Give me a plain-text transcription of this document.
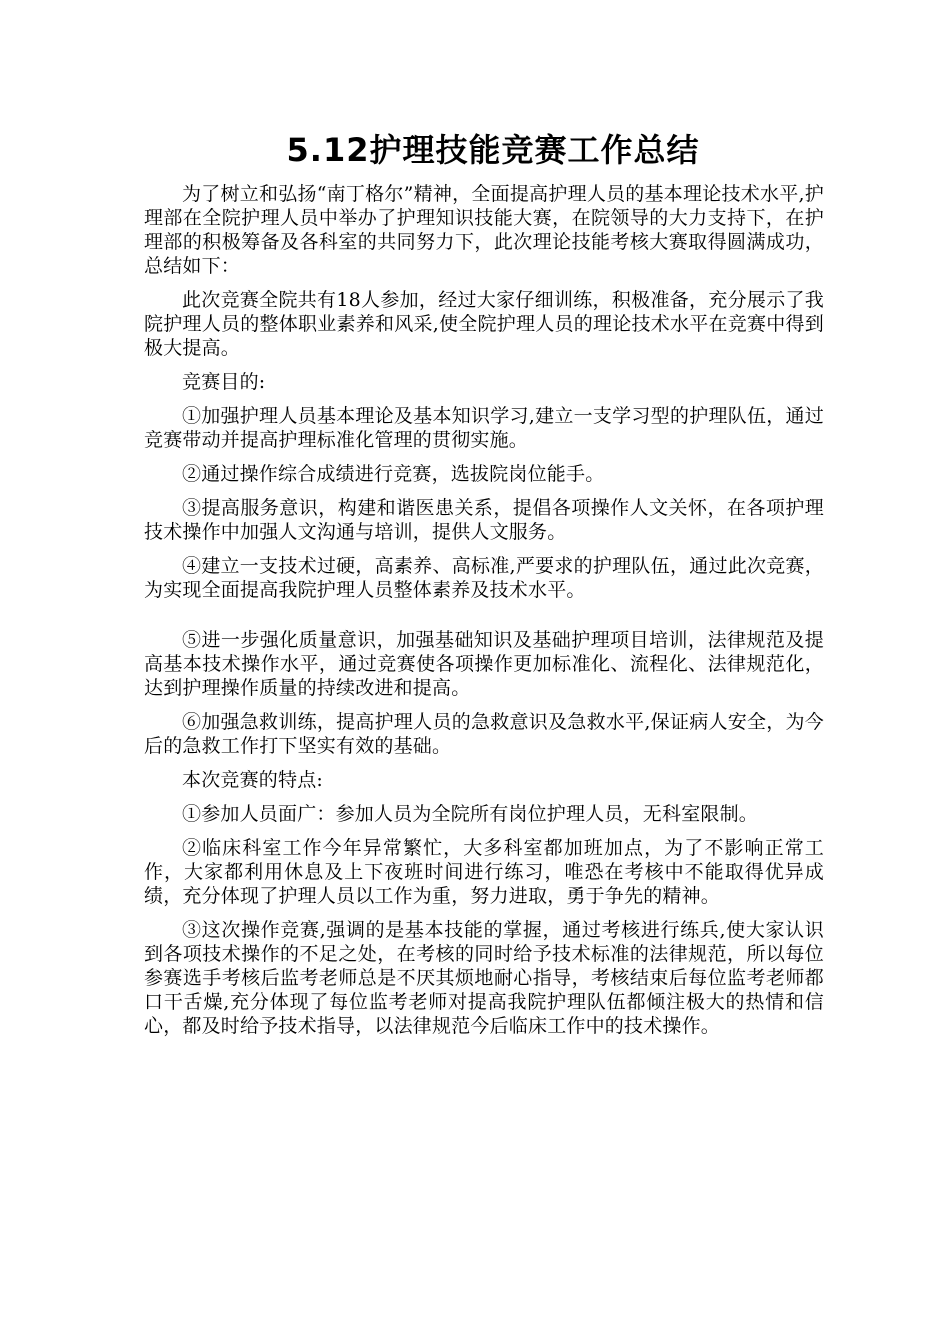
5.12护理技能竞赛工作总结

为了树立和弘扬“南丁格尔”精神，全面提高护理人员的基本理论技术水平,护理部在全院护理人员中举办了护理知识技能大赛，在院领导的大力支持下，在护理部的积极筹备及各科室的共同努力下，此次理论技能考核大赛取得圆满成功，总结如下：

此次竞赛全院共有18人参加，经过大家仔细训练，积极准备，充分展示了我院护理人员的整体职业素养和风采,使全院护理人员的理论技术水平在竞赛中得到极大提高。

竞赛目的:

①加强护理人员基本理论及基本知识学习,建立一支学习型的护理队伍，通过竞赛带动并提高护理标准化管理的贯彻实施。

②通过操作综合成绩进行竞赛，选拔院岗位能手。

③提高服务意识，构建和谐医患关系，提倡各项操作人文关怀，在各项护理技术操作中加强人文沟通与培训，提供人文服务。

④建立一支技术过硬，高素养、高标准,严要求的护理队伍，通过此次竞赛，为实现全面提高我院护理人员整体素养及技术水平。

⑤进一步强化质量意识，加强基础知识及基础护理项目培训，法律规范及提高基本技术操作水平，通过竞赛使各项操作更加标准化、流程化、法律规范化，达到护理操作质量的持续改进和提高。

⑥加强急救训练，提高护理人员的急救意识及急救水平,保证病人安全，为今后的急救工作打下坚实有效的基础。

本次竞赛的特点:

①参加人员面广：参加人员为全院所有岗位护理人员，无科室限制。

②临床科室工作今年异常繁忙，大多科室都加班加点，为了不影响正常工作，大家都利用休息及上下夜班时间进行练习，唯恐在考核中不能取得优异成绩，充分体现了护理人员以工作为重，努力进取，勇于争先的精神。

③这次操作竞赛,强调的是基本技能的掌握，通过考核进行练兵,使大家认识到各项技术操作的不足之处，在考核的同时给予技术标准的法律规范，所以每位参赛选手考核后监考老师总是不厌其烦地耐心指导，考核结束后每位监考老师都口干舌燥,充分体现了每位监考老师对提高我院护理队伍都倾注极大的热情和信心，都及时给予技术指导，以法律规范今后临床工作中的技术操作。
